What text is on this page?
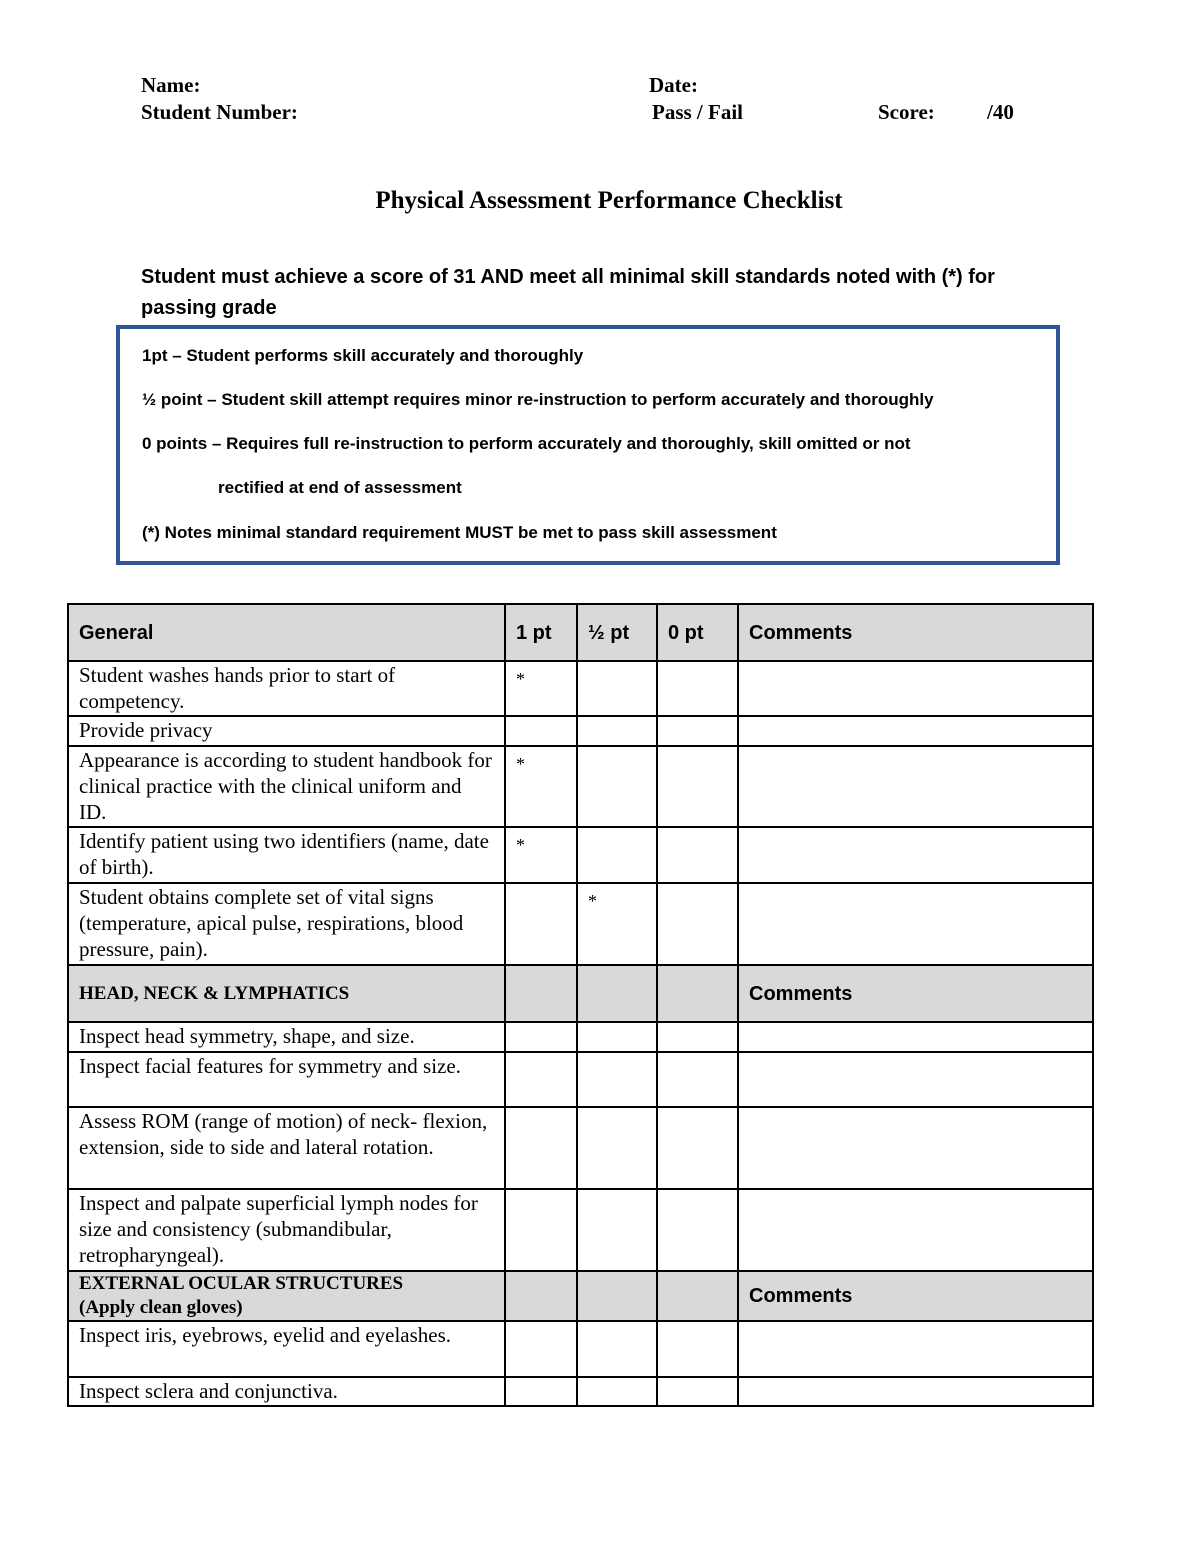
Name:	Date:
Student Number:	Pass / Fail	Score: /40
Physical Assessment Performance Checklist
Student must achieve a score of 31 AND meet all minimal skill standards noted with (*) for passing grade
1pt – Student performs skill accurately and thoroughly
½ point – Student skill attempt requires minor re-instruction to perform accurately and thoroughly
0 points – Requires full re-instruction to perform accurately and thoroughly, skill omitted or not
rectified at end of assessment
(*) Notes minimal standard requirement MUST be met to pass skill assessment
General	1 pt	½ pt	0 pt	Comments
Student washes hands prior to start of competency.	*			
Provide privacy				
Appearance is according to student handbook for clinical practice with the clinical uniform and ID.	*			
Identify patient using two identifiers (name, date of birth).	*			
Student obtains complete set of vital signs (temperature, apical pulse, respirations, blood pressure, pain).		*		
HEAD, NECK & LYMPHATICS				Comments
Inspect head symmetry, shape, and size.				
Inspect facial features for symmetry and size.				
Assess ROM (range of motion) of neck- flexion, extension, side to side and lateral rotation.				
Inspect and palpate superficial lymph nodes for size and consistency (submandibular, retropharyngeal).				

EXTERNAL OCULAR STRUCTURES
(Apply clean gloves)				Comments
Inspect iris, eyebrows, eyelid and eyelashes.				
Inspect sclera and conjunctiva.				
